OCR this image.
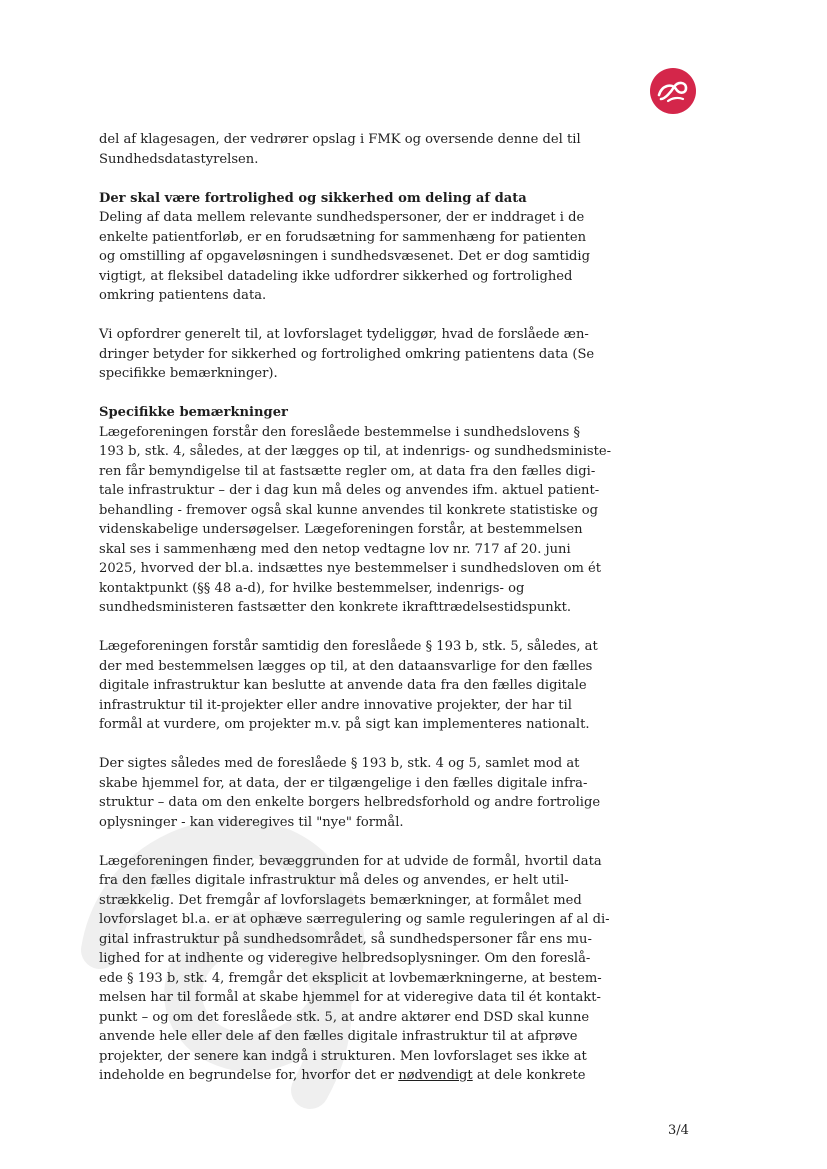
del af klagesagen, der vedrører opslag i FMK og oversende denne del til
Sundhedsdatastyrelsen.
Der skal være fortrolighed og sikkerhed om deling af data
Deling af data mellem relevante sundhedspersoner, der er inddraget i de
enkelte patientforløb, er en forudsætning for sammenhæng for patienten
og omstilling af opgaveløsningen i sundhedsvæsenet. Det er dog samtidig
vigtigt, at fleksibel datadeling ikke udfordrer sikkerhed og fortrolighed
omkring patientens data.
Vi opfordrer generelt til, at lovforslaget tydeliggør, hvad de forslåede æn-
dringer betyder for sikkerhed og fortrolighed omkring patientens data (Se
specifikke bemærkninger).
Specifikke bemærkninger
Lægeforeningen forstår den foreslåede bestemmelse i sundhedslovens §
193 b, stk. 4, således, at der lægges op til, at indenrigs- og sundhedsministe-
ren får bemyndigelse til at fastsætte regler om, at data fra den fælles digi-
tale infrastruktur – der i dag kun må deles og anvendes ifm. aktuel patient-
behandling - fremover også skal kunne anvendes til konkrete statistiske og
videnskabelige undersøgelser. Lægeforeningen forstår, at bestemmelsen
skal ses i sammenhæng med den netop vedtagne lov nr. 717 af 20. juni
2025, hvorved der bl.a. indsættes nye bestemmelser i sundhedsloven om ét
kontaktpunkt (§§ 48 a-d), for hvilke bestemmelser, indenrigs- og
sundhedsministeren fastsætter den konkrete ikrafttrædelsestidspunkt.
Lægeforeningen forstår samtidig den foreslåede § 193 b, stk. 5, således, at
der med bestemmelsen lægges op til, at den dataansvarlige for den fælles
digitale infrastruktur kan beslutte at anvende data fra den fælles digitale
infrastruktur til it-projekter eller andre innovative projekter, der har til
formål at vurdere, om projekter m.v. på sigt kan implementeres nationalt.
Der sigtes således med de foreslåede § 193 b, stk. 4 og 5, samlet mod at
skabe hjemmel for, at data, der er tilgængelige i den fælles digitale infra-
struktur – data om den enkelte borgers helbredsforhold og andre fortrolige
oplysninger - kan videregives til "nye" formål.
Lægeforeningen finder, bevæggrunden for at udvide de formål, hvortil data
fra den fælles digitale infrastruktur må deles og anvendes, er helt util-
strækkelig. Det fremgår af lovforslagets bemærkninger, at formålet med
lovforslaget bl.a. er at ophæve særregulering og samle reguleringen af al di-
gital infrastruktur på sundhedsområdet, så sundhedspersoner får ens mu-
lighed for at indhente og videregive helbredsoplysninger. Om den foreslå-
ede § 193 b, stk. 4, fremgår det eksplicit at lovbemærkningerne, at bestem-
melsen har til formål at skabe hjemmel for at videregive data til ét kontakt-
punkt – og om det foreslåede stk. 5, at andre aktører end DSD skal kunne
anvende hele eller dele af den fælles digitale infrastruktur til at afprøve
projekter, der senere kan indgå i strukturen. Men lovforslaget ses ikke at
indeholde en begrundelse for, hvorfor det er nødvendigt at dele konkrete
3/4
